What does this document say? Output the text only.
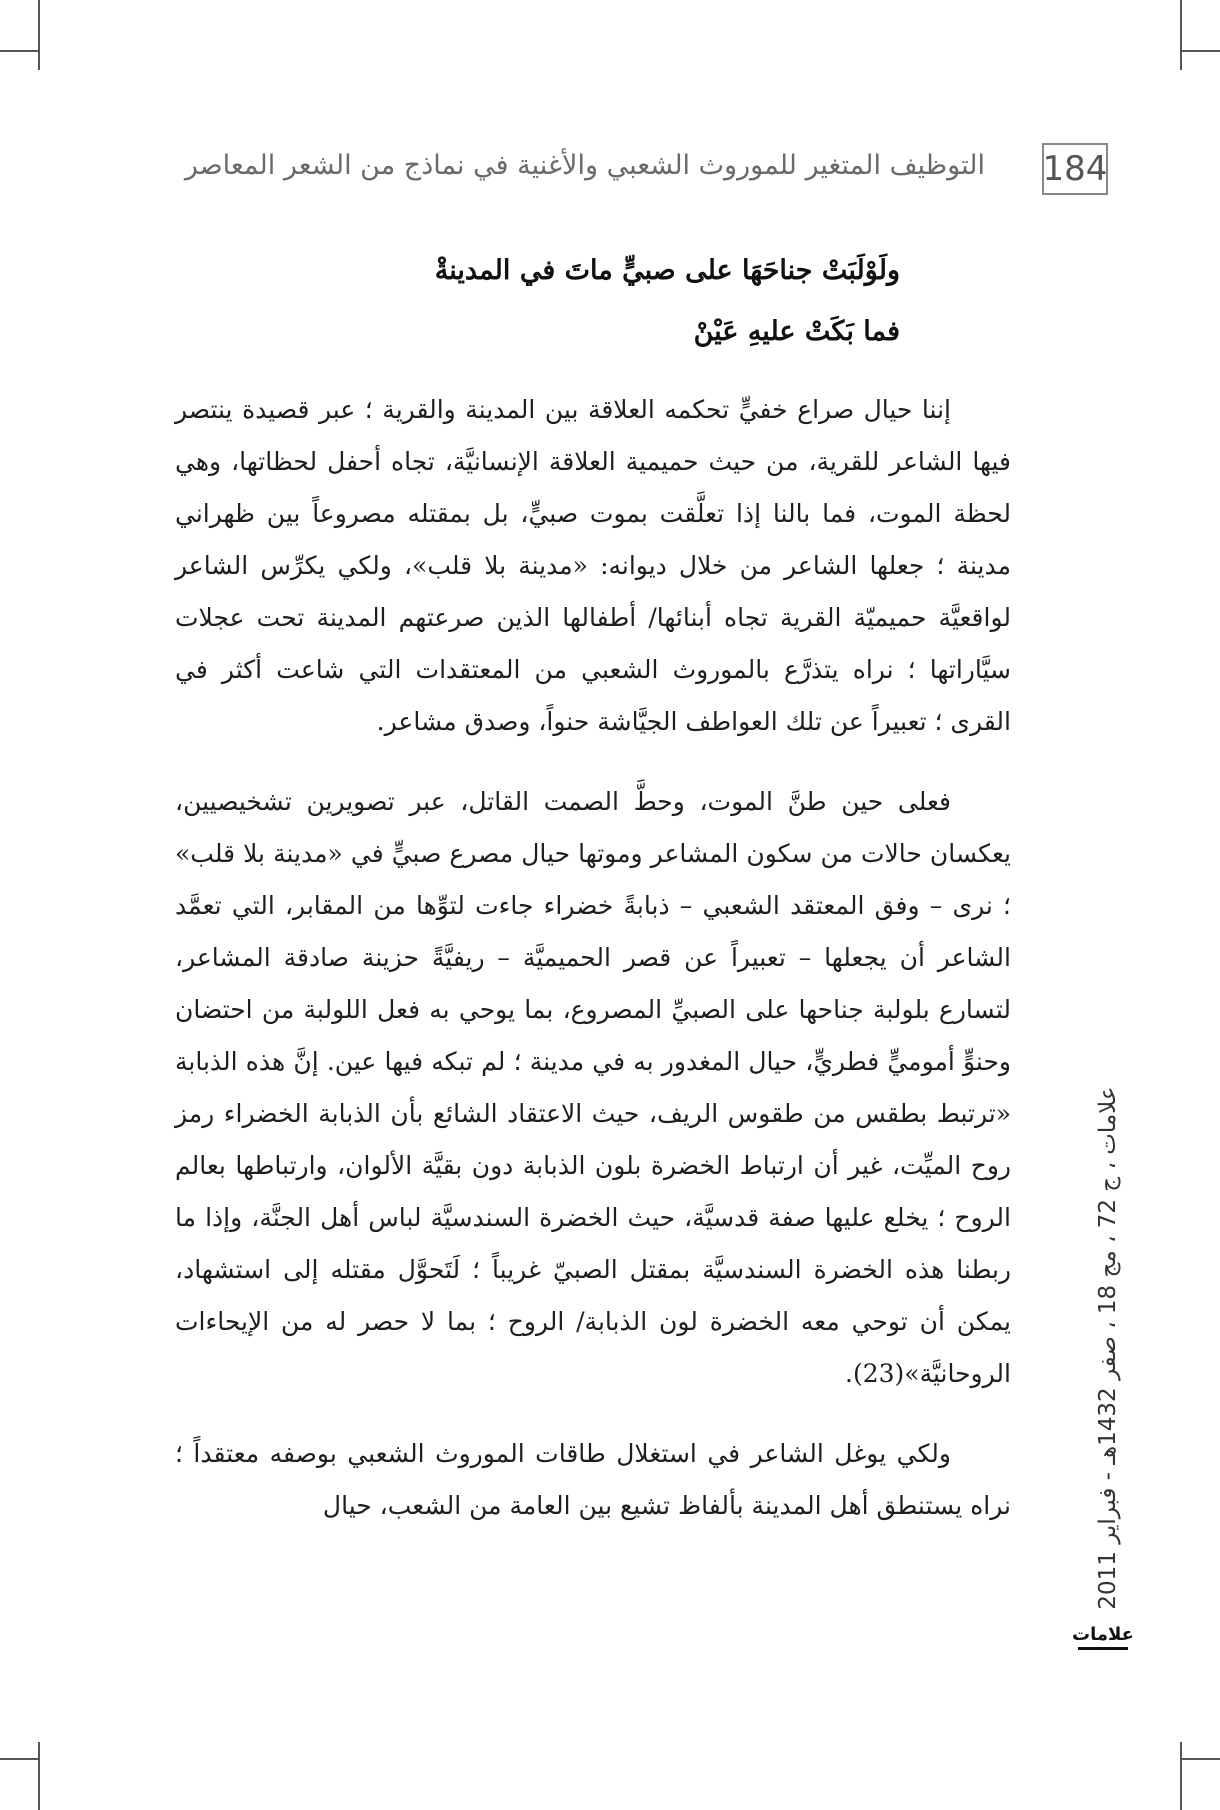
184
التوظيف المتغير للموروث الشعبي والأغنية في نماذج من الشعر المعاصر
ولَوْلَبَتْ جناحَهَا على صبيٍّ ماتَ في المدينةْ
فما بَكَتْ عليهِ عَيْنْ

إننا حيال صراع خفيٍّ تحكمه العلاقة بين المدينة والقرية ؛ عبر قصيدة ينتصر فيها الشاعر للقرية، من حيث حميمية العلاقة الإنسانيَّة، تجاه أحفل لحظاتها، وهي لحظة الموت، فما بالنا إذا تعلَّقت بموت صبيٍّ، بل بمقتله مصروعاً بين ظهراني مدينة ؛ جعلها الشاعر من خلال ديوانه: «مدينة بلا قلب»، ولكي يكرِّس الشاعر لواقعيَّة حميميّة القرية تجاه أبنائها/ أطفالها الذين صرعتهم المدينة تحت عجلات سيَّاراتها ؛ نراه يتذرَّع بالموروث الشعبي من المعتقدات التي شاعت أكثر في القرى ؛ تعبيراً عن تلك العواطف الجيَّاشة حنواً، وصدق مشاعر.

فعلى حين طنَّ الموت، وحطَّ الصمت القاتل، عبر تصويرين تشخيصيين، يعكسان حالات من سكون المشاعر وموتها حيال مصرع صبيٍّ في «مدينة بلا قلب» ؛ نرى – وفق المعتقد الشعبي – ذبابةً خضراء جاءت لتوِّها من المقابر، التي تعمَّد الشاعر أن يجعلها – تعبيراً عن قصر الحميميَّة – ريفيَّةً حزينة صادقة المشاعر، لتسارع بلولبة جناحها على الصبيِّ المصروع، بما يوحي به فعل اللولبة من احتضان وحنوٍّ أموميٍّ فطريٍّ، حيال المغدور به في مدينة ؛ لم تبكه فيها عين. إنَّ هذه الذبابة «ترتبط بطقس من طقوس الريف، حيث الاعتقاد الشائع بأن الذبابة الخضراء رمز روح الميِّت، غير أن ارتباط الخضرة بلون الذبابة دون بقيَّة الألوان، وارتباطها بعالم الروح ؛ يخلع عليها صفة قدسيَّة، حيث الخضرة السندسيَّة لباس أهل الجنَّة، وإذا ما ربطنا هذه الخضرة السندسيَّة بمقتل الصبيّ غريباً ؛ لَتَحوَّل مقتله إلى استشهاد، يمكن أن توحي معه الخضرة لون الذبابة/ الروح ؛ بما لا حصر له من الإيحاءات الروحانيَّة»(23).

ولكي يوغل الشاعر في استغلال طاقات الموروث الشعبي بوصفه معتقداً ؛ نراه يستنطق أهل المدينة بألفاظ تشيع بين العامة من الشعب، حيال

علامات ، ج 72 ، مج 18 ، صفر 1432هـ - فبراير 2011
علامات
